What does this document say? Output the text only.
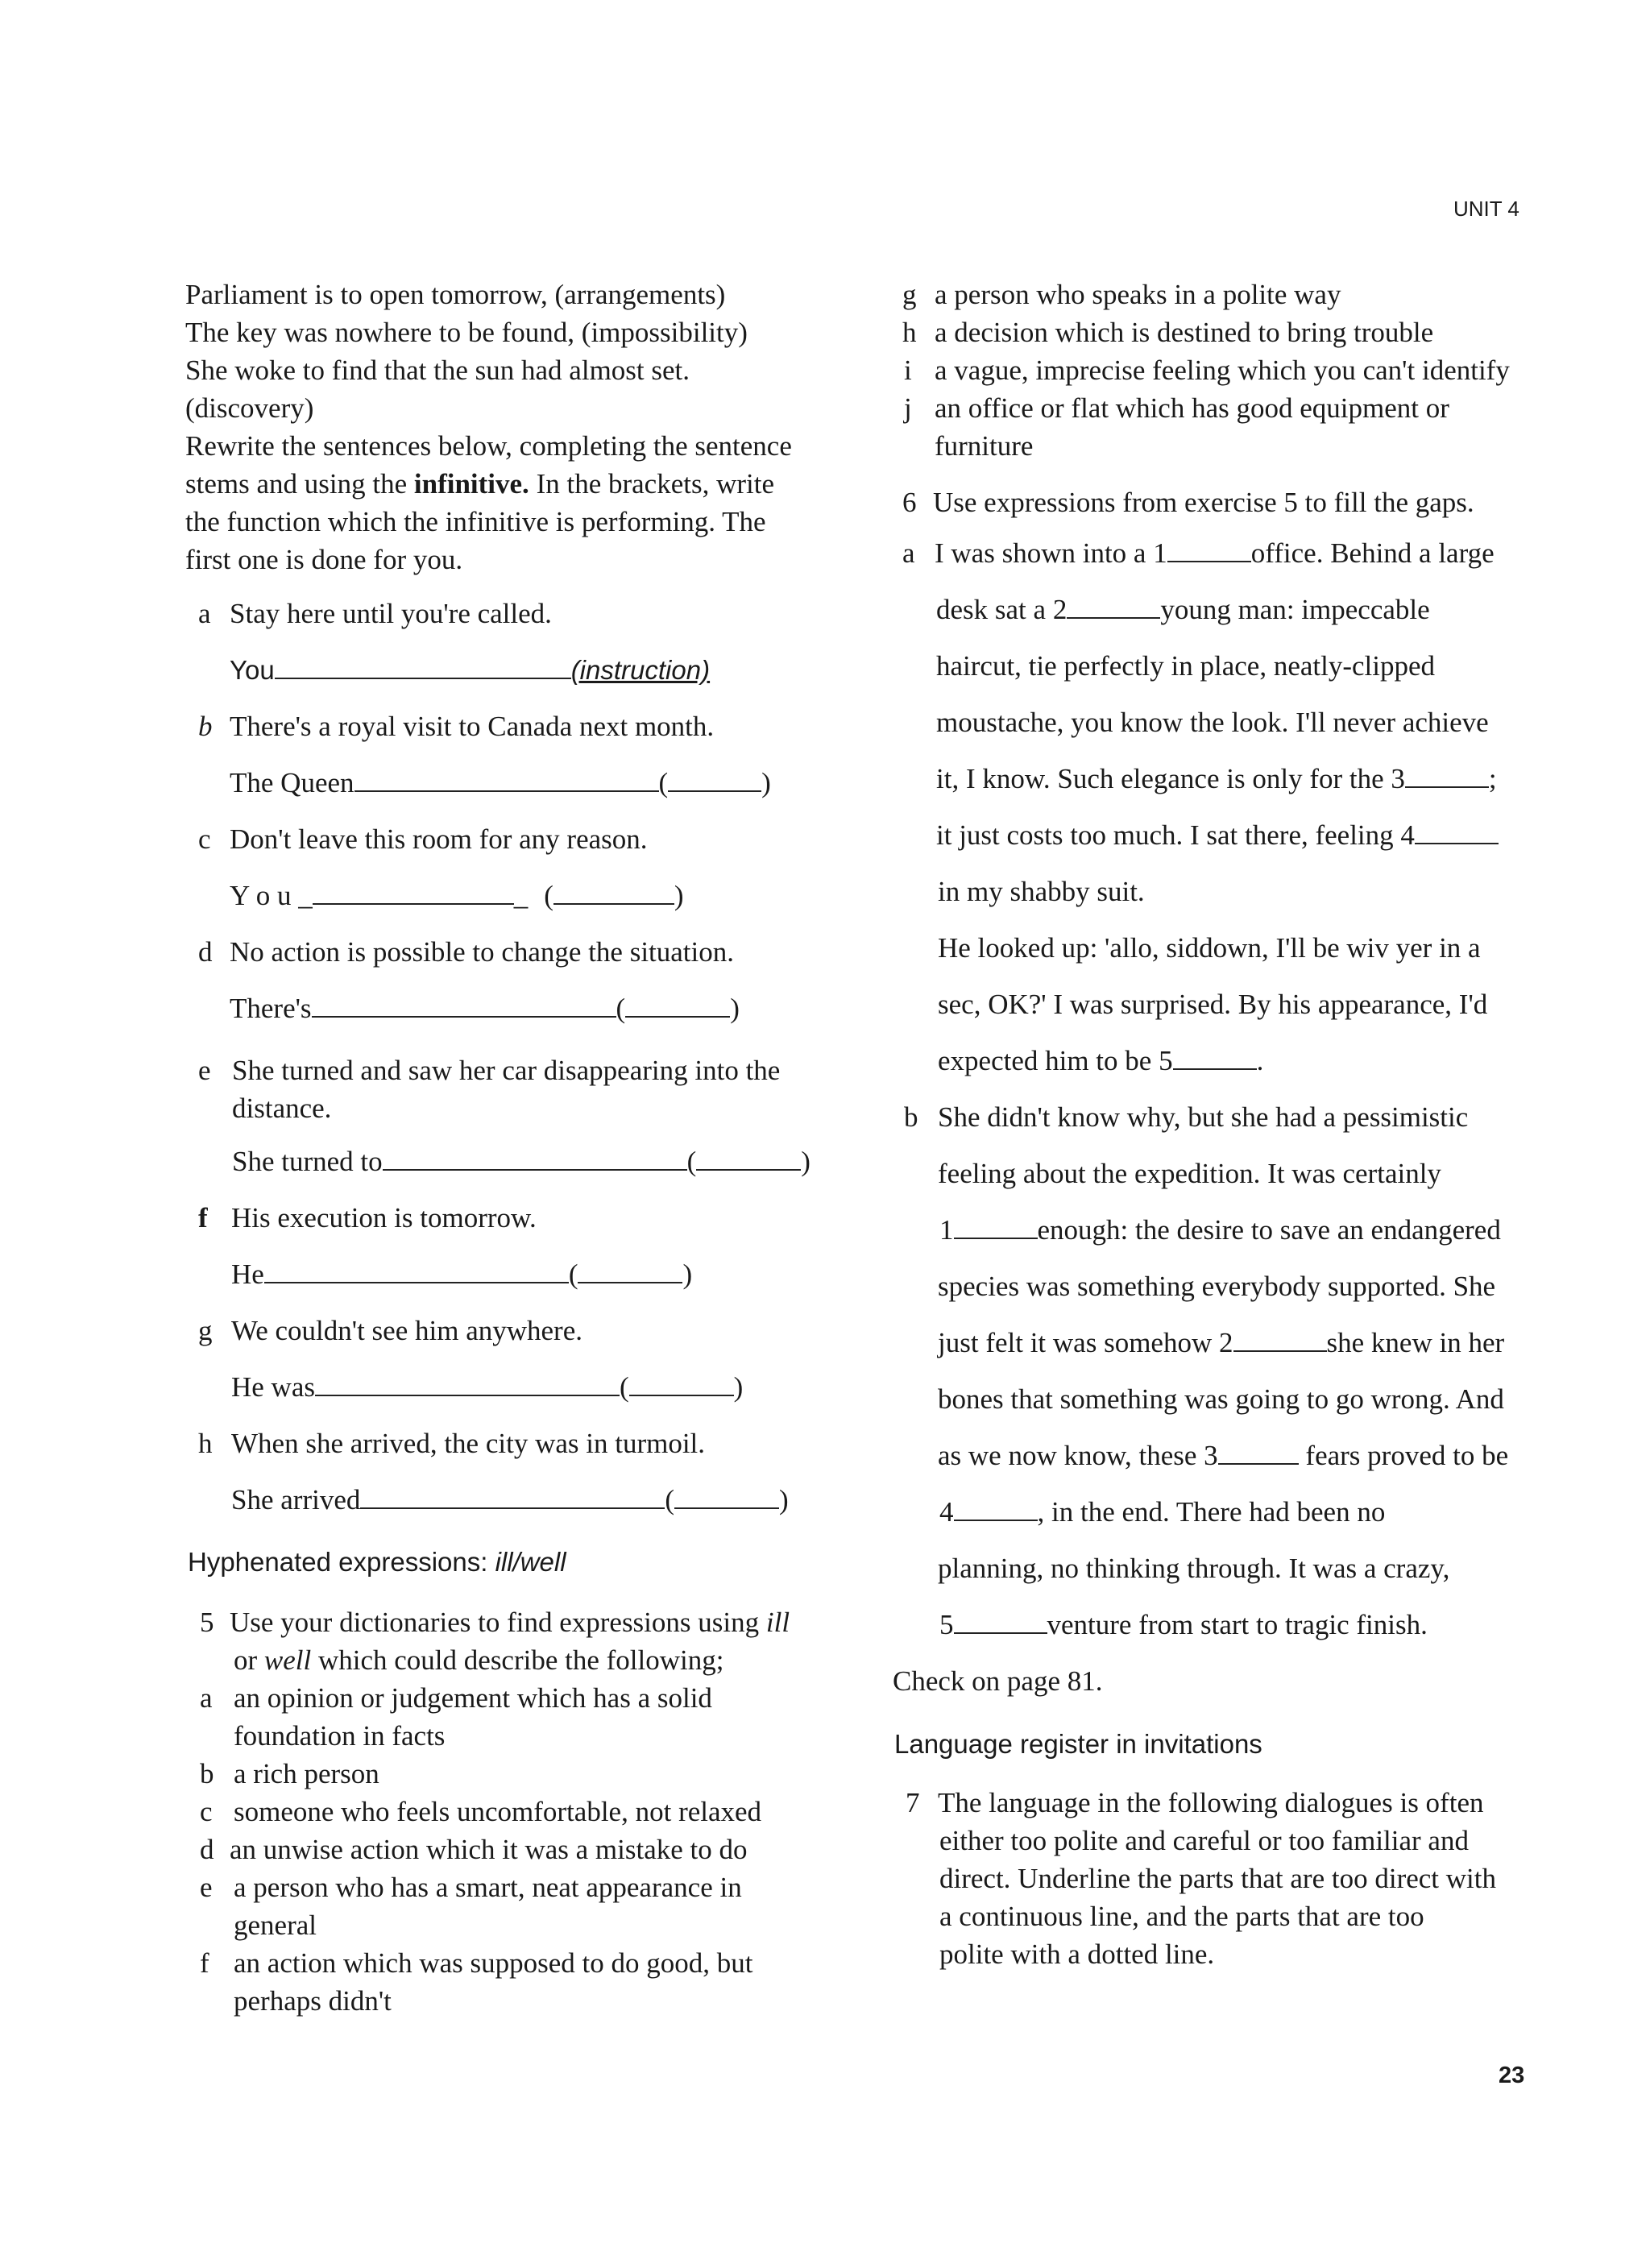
UNIT 4
Parliament is to open tomorrow, (arrangements)
The key was nowhere to be found, (impossibility)
She woke to find that the sun had almost set.
(discovery)
Rewrite the sentences below, completing the sentence
stems and using the infinitive. In the brackets, write
the function which the infinitive is performing. The
first one is done for you.
a Stay here until you're called.
You	(instruction)
b There's a royal visit to Canada next month.
The Queen	(	)
c Don't leave this room for any reason.
Y o u _	_ (	)
d No action is possible to change the situation.
There's	(	)
e She turned and saw her car disappearing into the
distance.
She turned to	(	)
f His execution is tomorrow.
He	(	)
g We couldn't see him anywhere.
He was	(	)
h When she arrived, the city was in turmoil.
She arrived	(	)
Hyphenated expressions: ill/well
5 Use your dictionaries to find expressions using ill
or well which could describe the following;
a an opinion or judgement which has a solid
foundation in facts
b a rich person
c someone who feels uncomfortable, not relaxed
d an unwise action which it was a mistake to do
e a person who has a smart, neat appearance in
general
f an action which was supposed to do good, but
perhaps didn't
g a person who speaks in a polite way
h a decision which is destined to bring trouble
i a vague, imprecise feeling which you can't identify
j an office or flat which has good equipment or
furniture
6 Use expressions from exercise 5 to fill the gaps.
a I was shown into a 1	office. Behind a large
desk sat a 2	young man: impeccable
haircut, tie perfectly in place, neatly-clipped
moustache, you know the look. I'll never achieve
it, I know. Such elegance is only for the 3	;
it just costs too much. I sat there, feeling 4
in my shabby suit.
He looked up: 'allo, siddown, I'll be wiv yer in a
sec, OK?' I was surprised. By his appearance, I'd
expected him to be 5	.
b She didn't know why, but she had a pessimistic
feeling about the expedition. It was certainly
1	enough: the desire to save an endangered
species was something everybody supported. She
just felt it was somehow 2	she knew in her
bones that something was going to go wrong. And
as we now know, these 3	fears proved to be
4	, in the end. There had been no
planning, no thinking through. It was a crazy,
5	venture from start to tragic finish.
Check on page 81.
Language register in invitations
7 The language in the following dialogues is often
either too polite and careful or too familiar and
direct. Underline the parts that are too direct with
a continuous line, and the parts that are too
polite with a dotted line.
23
